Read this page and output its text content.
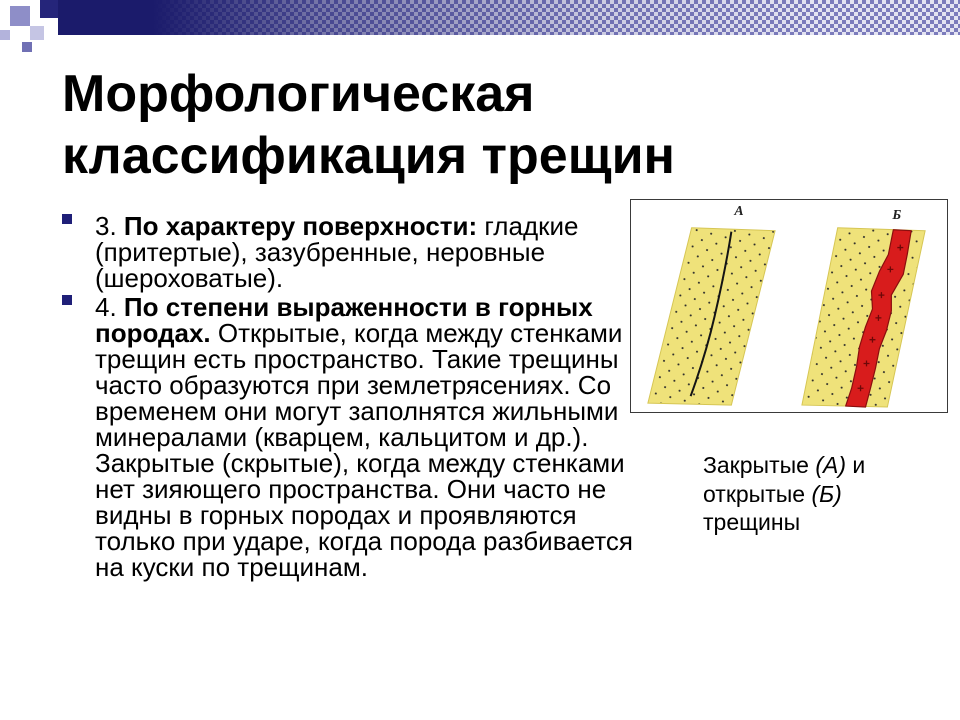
Морфологическая классификация трещин
3. По характеру поверхности: гладкие
(притертые), зазубренные, неровные
(шероховатые).
4. По степени выраженности в горных
породах. Открытые, когда между стенками
трещин есть пространство. Такие трещины
часто образуются при землетрясениях. Со
временем они могут заполнятся жильными
минералами (кварцем, кальцитом и др.).
Закрытые (скрытые), когда между стенками
нет зияющего пространства. Они часто не
видны в горных породах и проявляются
только при ударе, когда порода разбивается
на куски по трещинам.
А	Б
Закрытые (А) и
открытые (Б)
трещины
